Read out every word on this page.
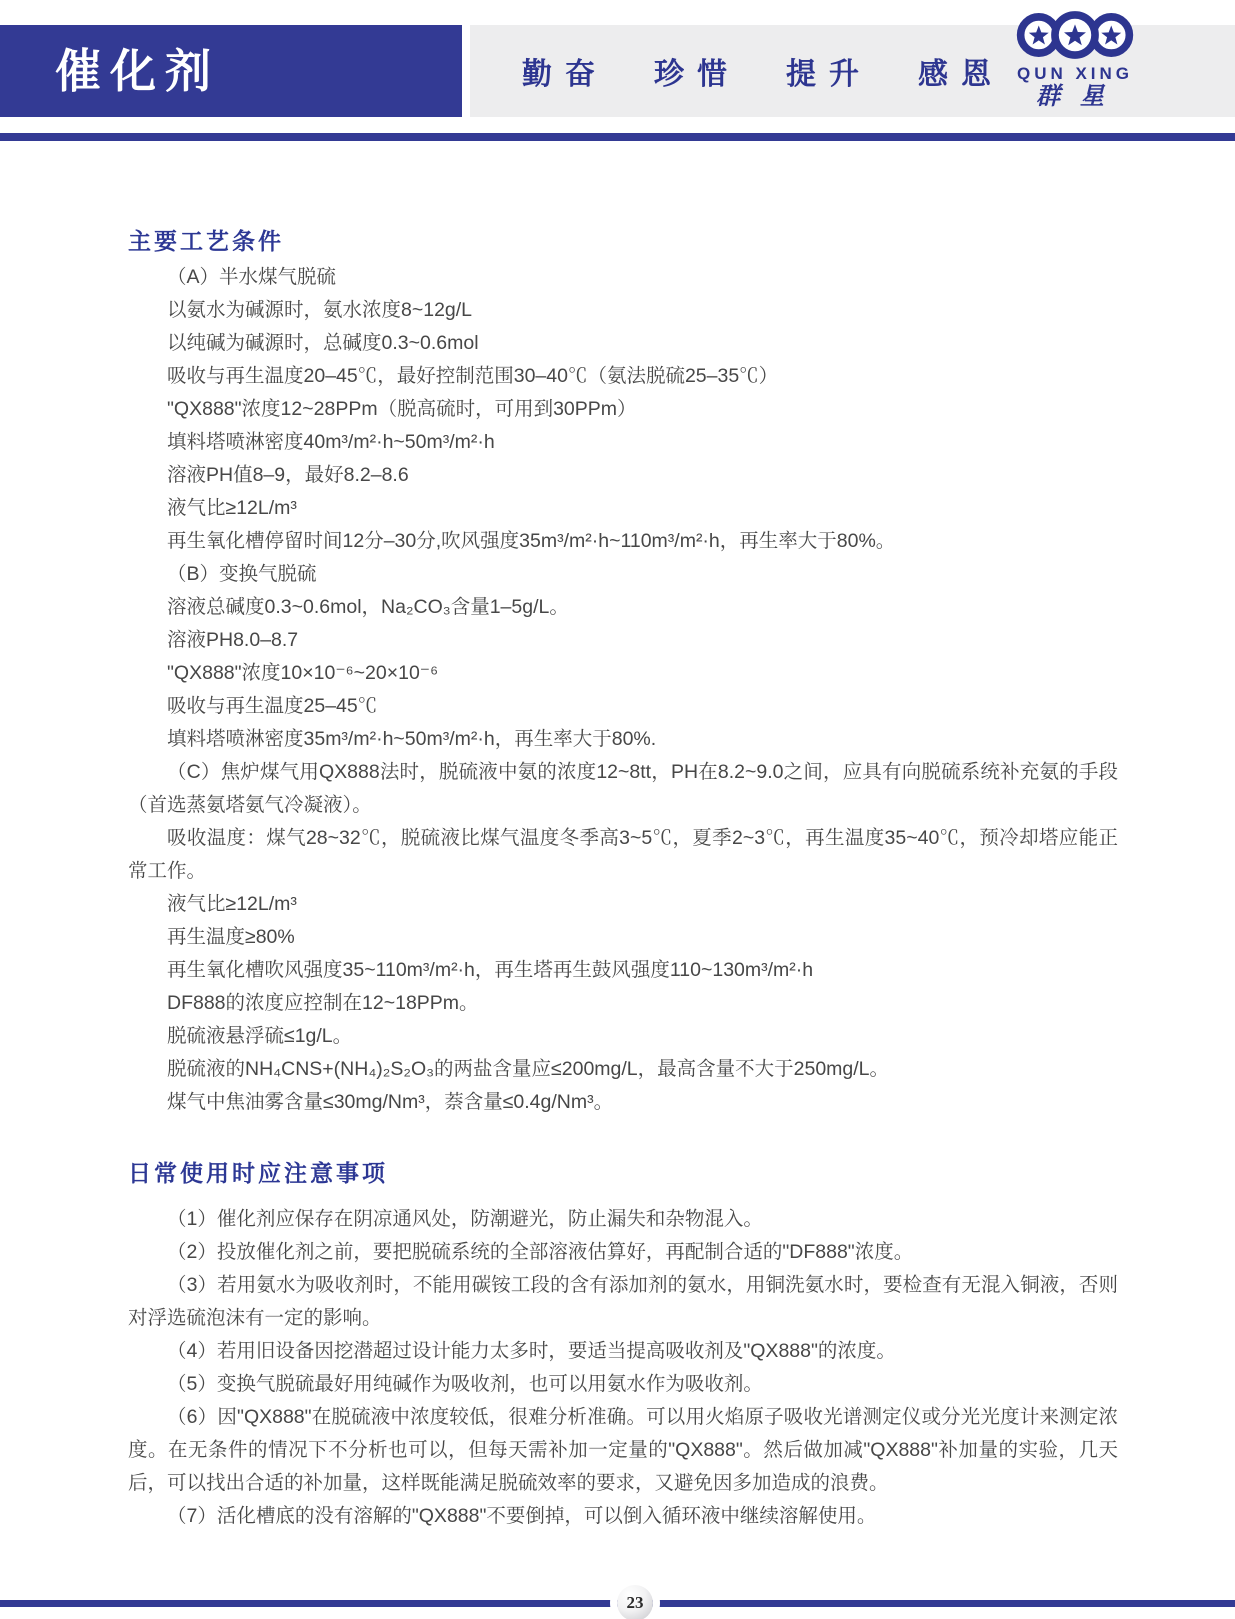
催化剂	勤奋 珍惜 提升 感恩 QUN XING
群星
主要工艺条件

（A）半水煤气脱硫

以氨水为碱源时，氨水浓度8~12g/L

以纯碱为碱源时，总碱度0.3~0.6mol

吸收与再生温度20–45℃，最好控制范围30–40℃（氨法脱硫25–35℃）

"QX888"浓度12~28PPm（脱高硫时，可用到30PPm）

填料塔喷淋密度40m³/m²·h~50m³/m²·h

溶液PH值8–9，最好8.2–8.6

液气比≥12L/m³

再生氧化槽停留时间12分–30分,吹风强度35m³/m²·h~110m³/m²·h，再生率大于80%。

（B）变换气脱硫

溶液总碱度0.3~0.6mol，Na₂CO₃含量1–5g/L。

溶液PH8.0–8.7

"QX888"浓度10×10⁻⁶~20×10⁻⁶

吸收与再生温度25–45℃

填料塔喷淋密度35m³/m²·h~50m³/m²·h，再生率大于80%.

（C）焦炉煤气用QX888法时，脱硫液中氨的浓度12~8tt，PH在8.2~9.0之间，应具有向脱硫系统补充氨的手段（首选蒸氨塔氨气冷凝液）。

吸收温度：煤气28~32℃，脱硫液比煤气温度冬季高3~5℃，夏季2~3℃，再生温度35~40℃，预冷却塔应能正常工作。

液气比≥12L/m³

再生温度≥80%

再生氧化槽吹风强度35~110m³/m²·h，再生塔再生鼓风强度110~130m³/m²·h

DF888的浓度应控制在12~18PPm。

脱硫液悬浮硫≤1g/L。

脱硫液的NH₄CNS+(NH₄)₂S₂O₃的两盐含量应≤200mg/L，最高含量不大于250mg/L。

煤气中焦油雾含量≤30mg/Nm³，萘含量≤0.4g/Nm³。

日常使用时应注意事项

（1）催化剂应保存在阴凉通风处，防潮避光，防止漏失和杂物混入。

（2）投放催化剂之前，要把脱硫系统的全部溶液估算好，再配制合适的"DF888"浓度。

（3）若用氨水为吸收剂时，不能用碳铵工段的含有添加剂的氨水，用铜洗氨水时，要检查有无混入铜液，否则对浮选硫泡沫有一定的影响。

（4）若用旧设备因挖潜超过设计能力太多时，要适当提高吸收剂及"QX888"的浓度。

（5）变换气脱硫最好用纯碱作为吸收剂，也可以用氨水作为吸收剂。

（6）因"QX888"在脱硫液中浓度较低，很难分析准确。可以用火焰原子吸收光谱测定仪或分光光度计来测定浓度。在无条件的情况下不分析也可以，但每天需补加一定量的"QX888"。然后做加减"QX888"补加量的实验，几天后，可以找出合适的补加量，这样既能满足脱硫效率的要求，又避免因多加造成的浪费。

（7）活化槽底的没有溶解的"QX888"不要倒掉，可以倒入循环液中继续溶解使用。

23
